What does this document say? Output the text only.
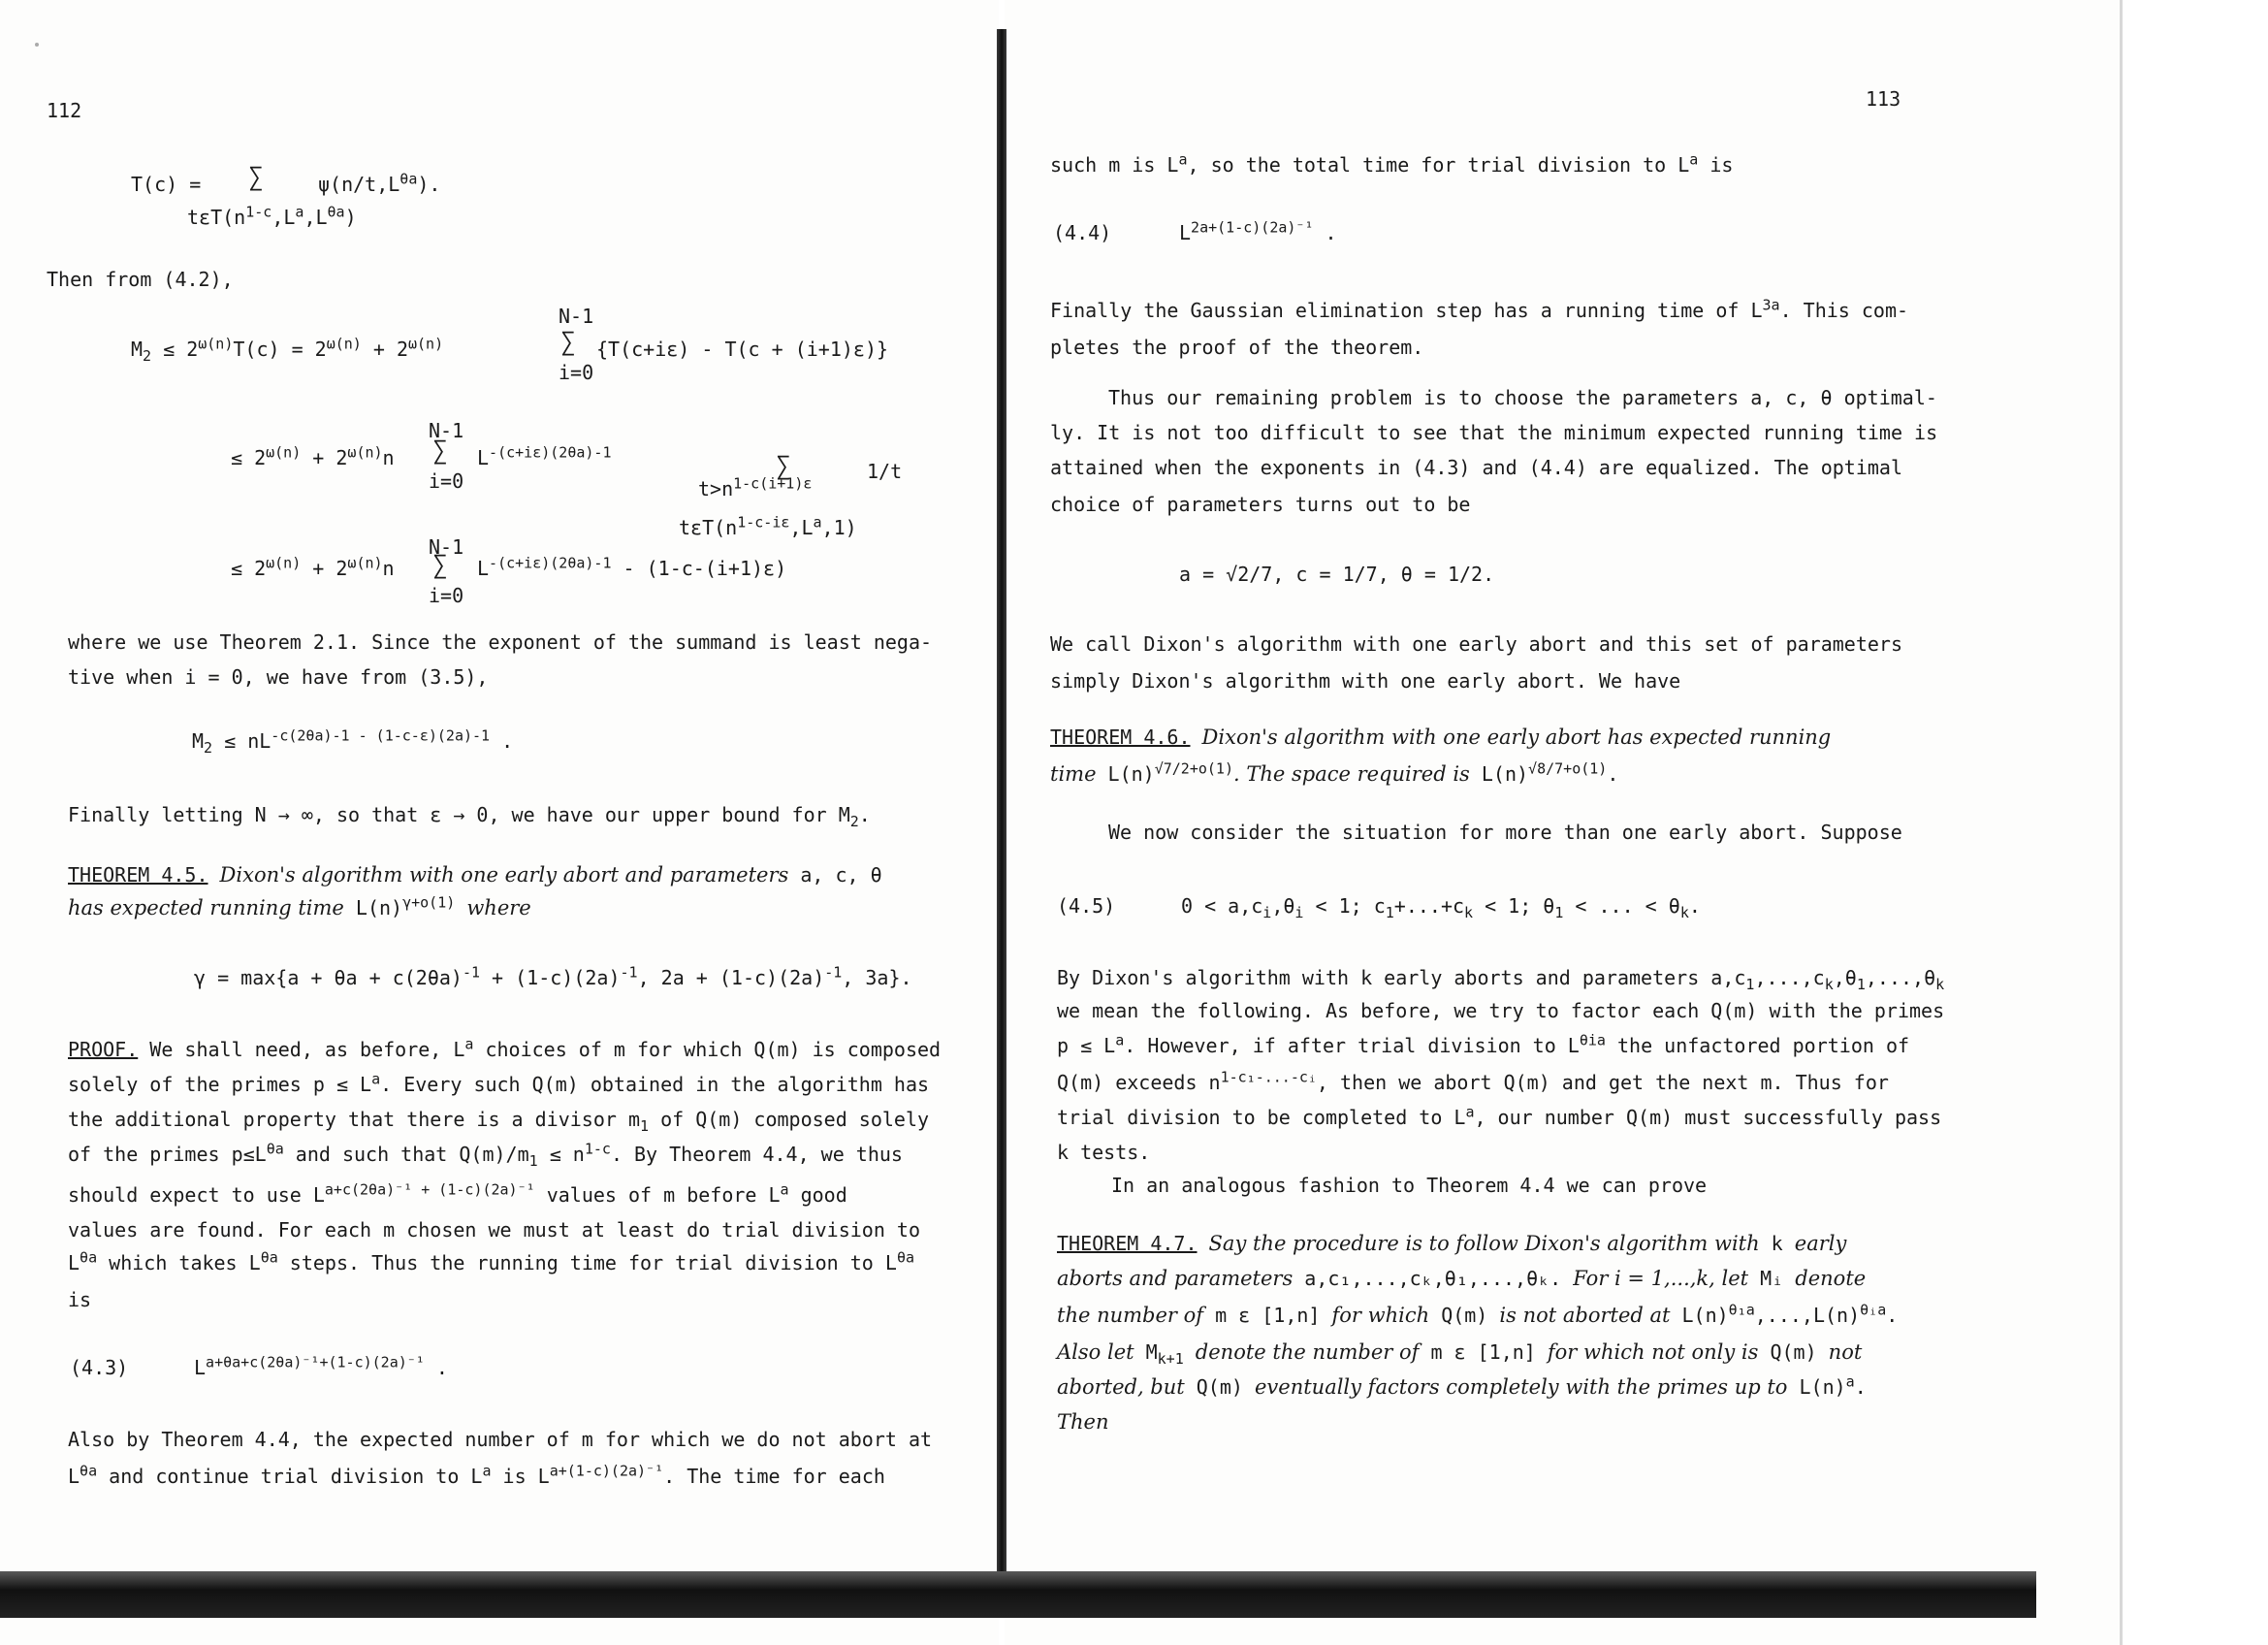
112
T(c) = ∑
$t\varepsilon T(n^{1-c},L^a,L^{\theta a})$
$\psi(n/t,L^{\theta a})$.
Then from (4.2),
$M_2 \le 2^{\omega(n)}T(c) = 2^{\omega(n)} + 2^{\omega(n)}$
N-1
∑
i=0
{T(c+iε) - T(c + (i+1)ε)}
≤ $2^{\omega(n)} + 2^{\omega(n)}n$
N-1
∑
i=0
$L^{-(c+i\varepsilon)(2\theta a)-1}$	∑
$t>n^{1-c(i+1)\varepsilon}$
1/t
$t\varepsilon T(n^{1-c-i\varepsilon},L^a,1)$
≤ $2^{\omega(n)} + 2^{\omega(n)}n$
N-1
∑
i=0
$L^{-(c+i\varepsilon)(2\theta a)-1} - (1-c-(i+1)\varepsilon)$
where we use Theorem 2.1. Since the exponent of the summand is least nega-
tive when i = 0, we have from (3.5),
$M_2 \le nL^{-c(2\theta a)-1 - (1-c-\varepsilon)(2a)-1}$ .
Finally letting N → ∞, so that ε → 0, we have our upper bound for $M_2$.
THEOREM 4.5. Dixon's algorithm with one early abort and parameters a, c, θ
has expected running time $L(n)^{\gamma+o(1)}$ where
$\gamma = \max\{a + \theta a + c(2\theta a)^{-1} + (1-c)(2a)^{-1}$, $2a + (1-c)(2a)^{-1}$, 3a}.
PROOF. We shall need, as before, $L^a$ choices of m for which Q(m) is composed
solely of the primes $p \le L^a$. Every such Q(m) obtained in the algorithm has
the additional property that there is a divisor $m_1$ of Q(m) composed solely
of the primes $p\le L^{\theta a}$ and such that $Q(m)/m_1 \le n^{1-c}$. By Theorem 4.4, we thus
should expect to use $L^{a+c(2\theta a)^{-1} + (1-c)(2a)^{-1}}$ values of m before $L^a$ good
values are found. For each m chosen we must at least do trial division to
$L^{\theta a}$ which takes $L^{\theta a}$ steps. Thus the running time for trial division to $L^{\theta a}$
is
(4.3)	$L^{a+\theta a+c(2\theta a)^{-1}+(1-c)(2a)^{-1}}$ .
Also by Theorem 4.4, the expected number of m for which we do not abort at
$L^{\theta a}$ and continue trial division to $L^a$ is $L^{a+(1-c)(2a)^{-1}}$. The time for each
113
such m is $L^a$, so the total time for trial division to $L^a$ is
(4.4)	$L^{2a+(1-c)(2a)^{-1}}$ .
Finally the Gaussian elimination step has a running time of $L^{3a}$. This com-
pletes the proof of the theorem.
Thus our remaining problem is to choose the parameters a, c, θ optimal-
ly. It is not too difficult to see that the minimum expected running time is
attained when the exponents in (4.3) and (4.4) are equalized. The optimal
choice of parameters turns out to be
a = √2/7, c = 1/7, θ = 1/2.
We call Dixon's algorithm with one early abort and this set of parameters
simply Dixon's algorithm with one early abort. We have
THEOREM 4.6. Dixon's algorithm with one early abort has expected running
time $L(n)^{√7/2+o(1)}$. The space required is $L(n)^{√8/7+o(1)}$.
We now consider the situation for more than one early abort. Suppose
(4.5)	$0 < a,c_i,\theta_i < 1$; $c_1+...+c_k < 1$; $\theta_1$ < ... < $\theta_k$.
By Dixon's algorithm with k early aborts and parameters $a,c_1,...,c_k,\theta_1,...,\theta_k$
we mean the following. As before, we try to factor each Q(m) with the primes
$p \le L^a$. However, if after trial division to $L^{\theta ia}$ the unfactored portion of
Q(m) exceeds $n^{1-c_1-...-cᵢ}$, then we abort Q(m) and get the next m. Thus for
trial division to be completed to $L^a$, our number Q(m) must successfully pass
k tests.
In an analogous fashion to Theorem 4.4 we can prove
THEOREM 4.7. Say the procedure is to follow Dixon's algorithm with k early
aborts and parameters a,c₁,...,cₖ,θ₁,...,θₖ. For i = 1,...,k, let Mᵢ denote
the number of m ε [1,n] for which Q(m) is not aborted at $L(n)^{\theta_1a},...,L(n)^{\theta ᵢa}$.
Also let $M_{k+1}$ denote the number of m ε [1,n] for which not only is Q(m) not
aborted, but Q(m) eventually factors completely with the primes up to $L(n)^a$.
Then
